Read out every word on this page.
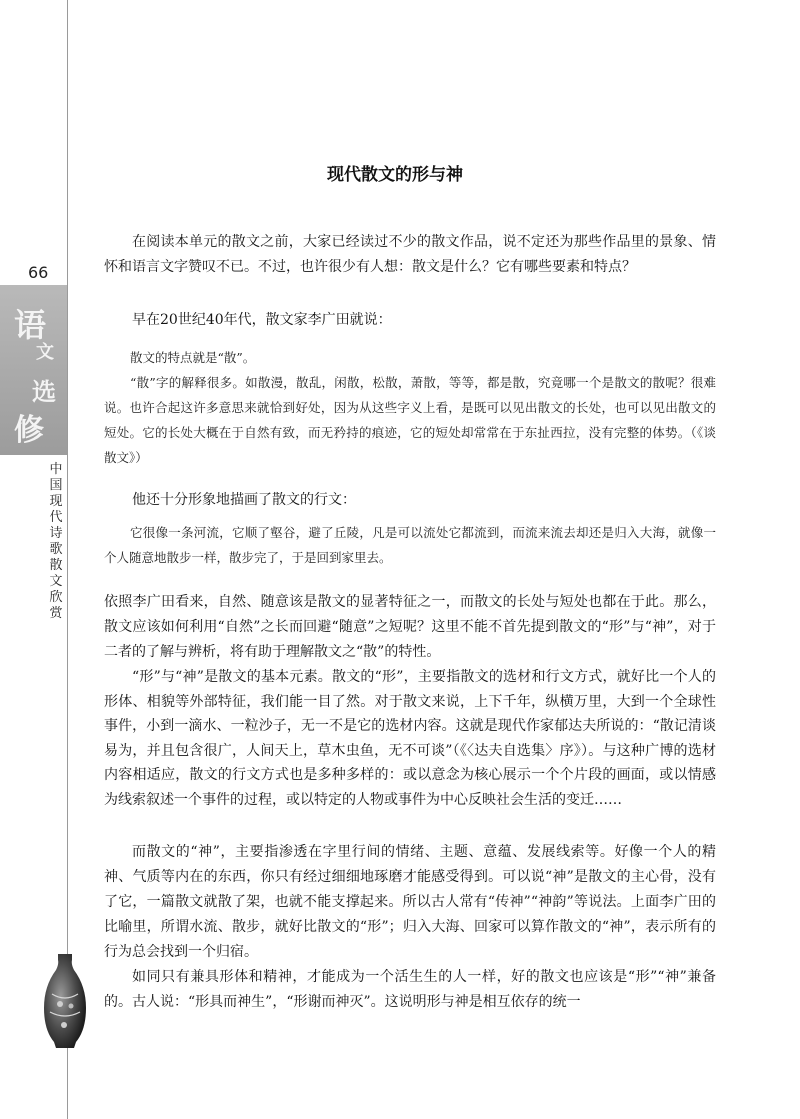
66
语
文
选
修
中国现代诗歌散文欣赏
现代散文的形与神

在阅读本单元的散文之前，大家已经读过不少的散文作品，说不定还为那些作品里的景象、情怀和语言文字赞叹不已。不过，也许很少有人想：散文是什么？它有哪些要素和特点？

早在20世纪40年代，散文家李广田就说：

散文的特点就是“散”。

“散”字的解释很多。如散漫，散乱，闲散，松散，萧散，等等，都是散，究竟哪一个是散文的散呢？很难说。也许合起这许多意思来就恰到好处，因为从这些字义上看，是既可以见出散文的长处，也可以见出散文的短处。它的长处大概在于自然有致，而无矜持的痕迹，它的短处却常常在于东扯西拉，没有完整的体势。（《谈散文》）

他还十分形象地描画了散文的行文：

它很像一条河流，它顺了壑谷，避了丘陵，凡是可以流处它都流到，而流来流去却还是归入大海，就像一个人随意地散步一样，散步完了，于是回到家里去。

依照李广田看来，自然、随意该是散文的显著特征之一，而散文的长处与短处也都在于此。那么，散文应该如何利用“自然”之长而回避“随意”之短呢？这里不能不首先提到散文的“形”与“神”，对于二者的了解与辨析，将有助于理解散文之“散”的特性。

“形”与“神”是散文的基本元素。散文的“形”，主要指散文的选材和行文方式，就好比一个人的形体、相貌等外部特征，我们能一目了然。对于散文来说，上下千年，纵横万里，大到一个全球性事件，小到一滴水、一粒沙子，无一不是它的选材内容。这就是现代作家郁达夫所说的：“散记清谈易为，并且包含很广，人间天上，草木虫鱼，无不可谈”（《〈达夫自选集〉序》）。与这种广博的选材内容相适应，散文的行文方式也是多种多样的：或以意念为核心展示一个个片段的画面，或以情感为线索叙述一个事件的过程，或以特定的人物或事件为中心反映社会生活的变迁……

而散文的“神”，主要指渗透在字里行间的情绪、主题、意蕴、发展线索等。好像一个人的精神、气质等内在的东西，你只有经过细细地琢磨才能感受得到。可以说“神”是散文的主心骨，没有了它，一篇散文就散了架，也就不能支撑起来。所以古人常有“传神”“神韵”等说法。上面李广田的比喻里，所谓水流、散步，就好比散文的“形”；归入大海、回家可以算作散文的“神”，表示所有的行为总会找到一个归宿。

如同只有兼具形体和精神，才能成为一个活生生的人一样，好的散文也应该是“形”“神”兼备的。古人说：“形具而神生”，“形谢而神灭”。这说明形与神是相互依存的统一
